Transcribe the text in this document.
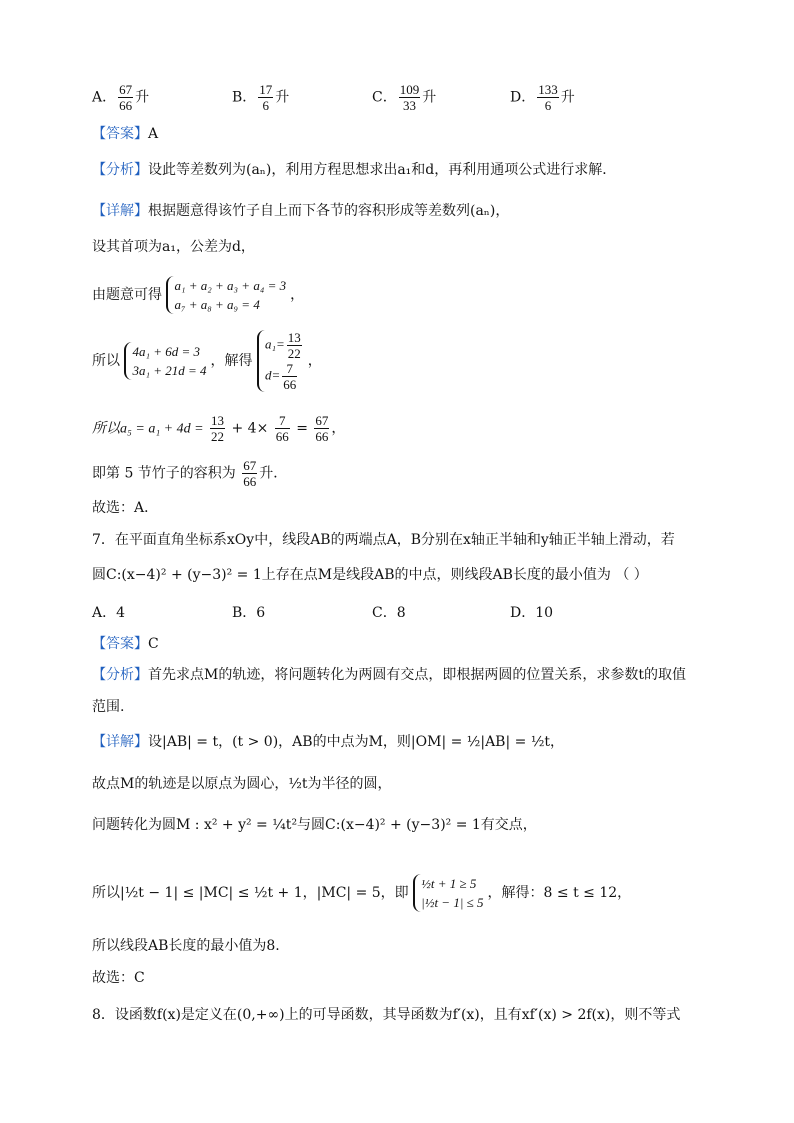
A． $\frac{67}{66}$ 升	B． $\frac{17}{6}$ 升	C． $\frac{109}{33}$ 升	D． $\frac{133}{6}$ 升
【答案】A
【分析】设此等差数列为(aₙ)，利用方程思想求出a₁和d，再利用通项公式进行求解．
【详解】根据题意得该竹子自上而下各节的容积形成等差数列(aₙ)，
设其首项为a₁，公差为d，
由题意可得
a₁ + a₂ + a₃ + a₄ = 3
a₇ + a₈ + a₉ = 4
，
所以
4a₁ + 6d = 3
3a₁ + 21d = 4
，解得
$a_1= \frac{13}{22}$
$d= \frac{7}{66}$ ，
所以$a_5 = a_1 + 4d = \frac{13}{22} + 4\times \frac{7}{66} = \frac{67}{66}$ ，
即第 5 节竹子的容积为 $\frac{67}{66}$ 升．
故选：A．
7．在平面直角坐标系xOy中，线段AB的两端点A，B分别在x轴正半轴和y轴正半轴上滑动，若
圆C:(x−4)² + (y−3)² = 1上存在点M是线段AB的中点，则线段AB长度的最小值为 （ ）
A．4	B．6	C．8	D．10
【答案】C
【分析】首先求点M的轨迹，将问题转化为两圆有交点，即根据两圆的位置关系，求参数t的取值
范围.
【详解】设|AB| = t，(t > 0)，AB的中点为M，则|OM| = ½|AB| = ½t，
故点M的轨迹是以原点为圆心，½t为半径的圆，
问题转化为圆M : x² + y² = ¼t²与圆C:(x−4)² + (y−3)² = 1有交点，
所以|½t − 1| ≤ |MC| ≤ ½t + 1，|MC| = 5，即
½t + 1 ≥ 5
|½t − 1| ≤ 5
，解得：8 ≤ t ≤ 12，
所以线段AB长度的最小值为8.
故选：C
8．设函数f(x)是定义在(0,+∞)上的可导函数，其导函数为f′(x)，且有xf′(x) > 2f(x)，则不等式
